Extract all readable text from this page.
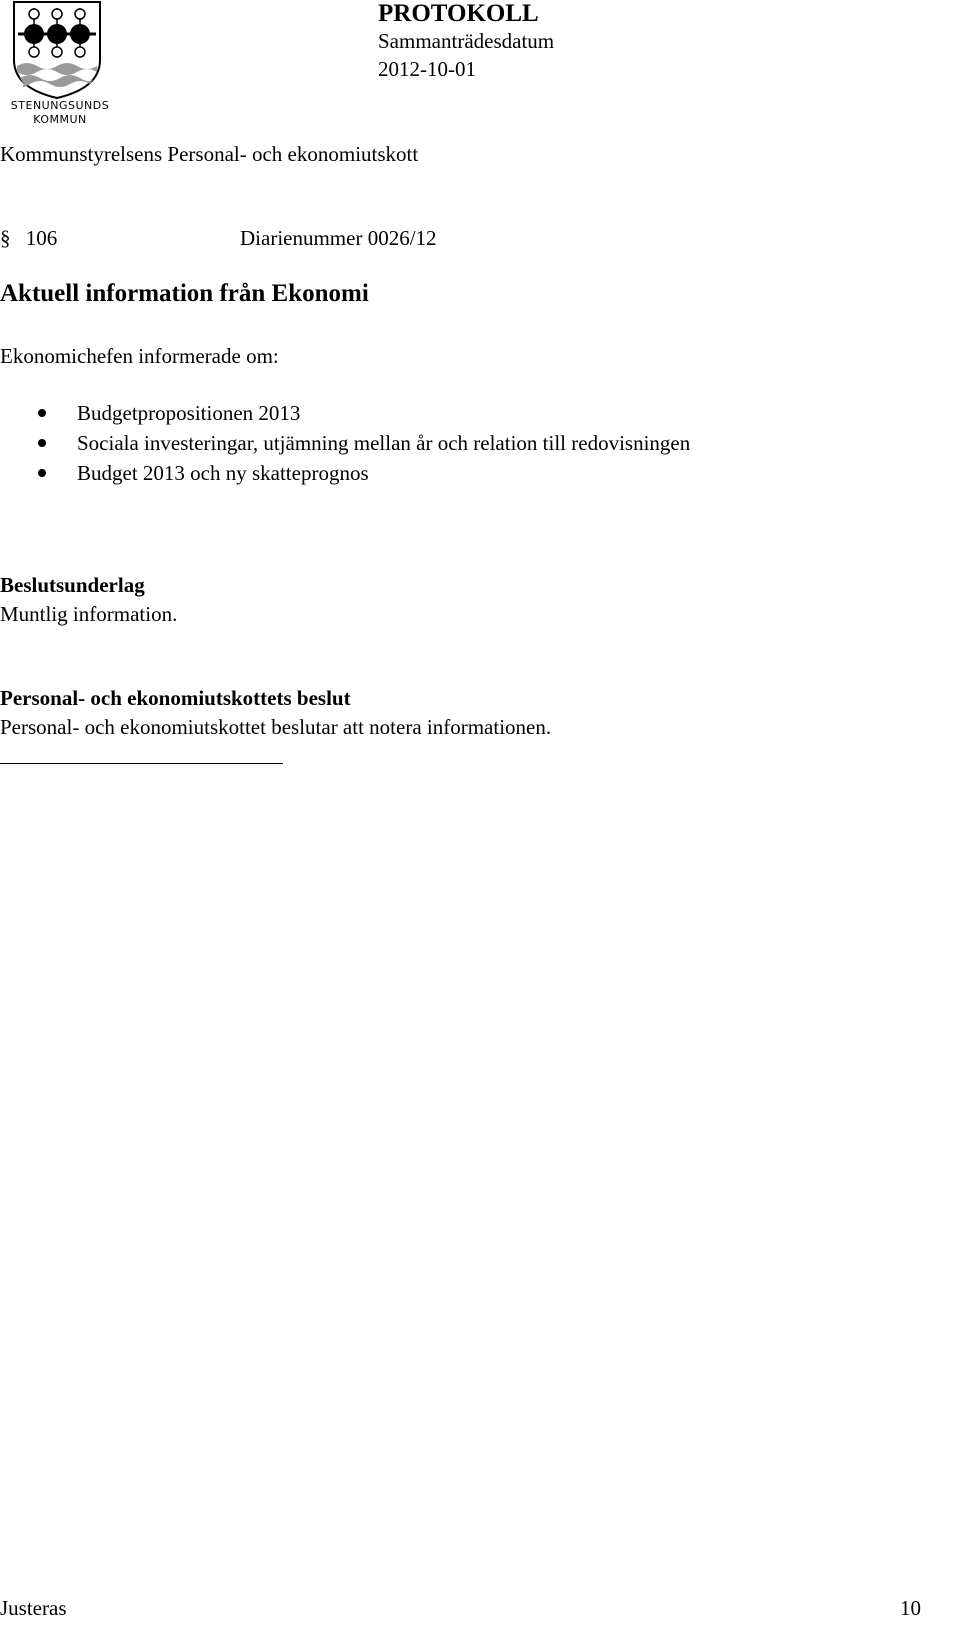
STENUNGSUNDS
KOMMUN
PROTOKOLL
Sammanträdesdatum
2012-10-01
Kommunstyrelsens Personal- och ekonomiutskott
§ 106	Diarienummer 0026/12
Aktuell information från Ekonomi
Ekonomichefen informerade om:
Budgetpropositionen 2013
Sociala investeringar, utjämning mellan år och relation till redovisningen
Budget 2013 och ny skatteprognos
Beslutsunderlag
Muntlig information.
Personal- och ekonomiutskottets beslut
Personal- och ekonomiutskottet beslutar att notera informationen.
Justeras	10
